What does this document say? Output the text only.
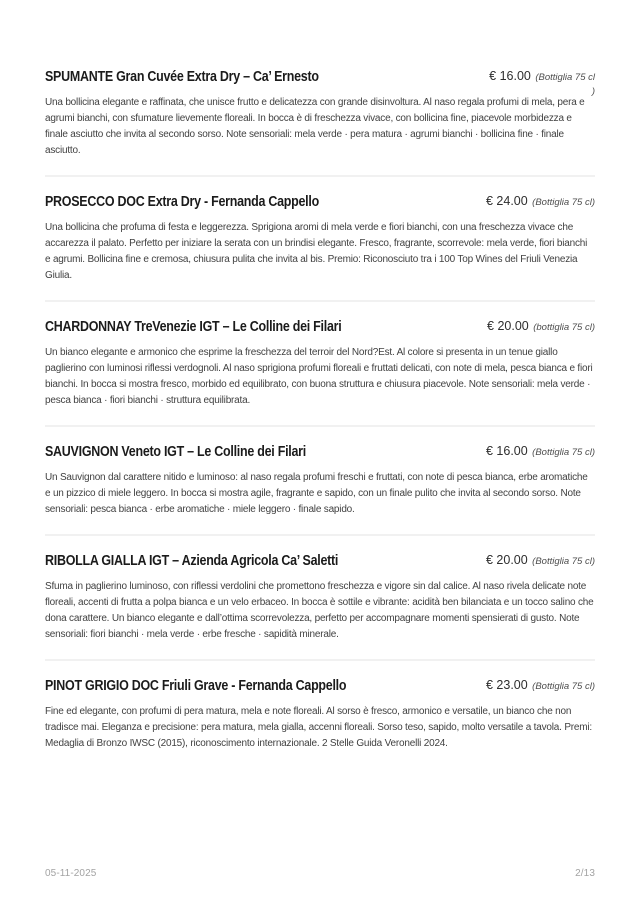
SPUMANTE Gran Cuvée Extra Dry – Ca’ Ernesto	€ 16.00 (Bottiglia 75 cl
)

Una bollicina elegante e raffinata, che unisce frutto e delicatezza con grande disinvoltura. Al naso regala profumi di mela, pera e agrumi bianchi, con sfumature lievemente floreali. In bocca è di freschezza vivace, con bollicina fine, piacevole morbidezza e finale asciutto che invita al secondo sorso. Note sensoriali: mela verde · pera matura · agrumi bianchi · bollicina fine · finale asciutto.

PROSECCO DOC Extra Dry - Fernanda Cappello	€ 24.00 (Bottiglia 75 cl)

Una bollicina che profuma di festa e leggerezza. Sprigiona aromi di mela verde e fiori bianchi, con una freschezza vivace che accarezza il palato. Perfetto per iniziare la serata con un brindisi elegante. Fresco, fragrante, scorrevole: mela verde, fiori bianchi e agrumi. Bollicina fine e cremosa, chiusura pulita che invita al bis. Premio: Riconosciuto tra i 100 Top Wines del Friuli Venezia Giulia.

CHARDONNAY TreVenezie IGT – Le Colline dei Filari	€ 20.00 (bottiglia 75 cl)

Un bianco elegante e armonico che esprime la freschezza del terroir del Nord?Est. Al colore si presenta in un tenue giallo paglierino con luminosi riflessi verdognoli. Al naso sprigiona profumi floreali e fruttati delicati, con note di mela, pesca bianca e fiori bianchi. In bocca si mostra fresco, morbido ed equilibrato, con buona struttura e chiusura piacevole. Note sensoriali: mela verde · pesca bianca · fiori bianchi · struttura equilibrata.

SAUVIGNON Veneto IGT – Le Colline dei Filari	€ 16.00 (Bottiglia 75 cl)

Un Sauvignon dal carattere nitido e luminoso: al naso regala profumi freschi e fruttati, con note di pesca bianca, erbe aromatiche e un pizzico di miele leggero. In bocca si mostra agile, fragrante e sapido, con un finale pulito che invita al secondo sorso. Note sensoriali: pesca bianca · erbe aromatiche · miele leggero · finale sapido.

RIBOLLA GIALLA IGT – Azienda Agricola Ca’ Saletti	€ 20.00 (Bottiglia 75 cl)

Sfuma in paglierino luminoso, con riflessi verdolini che promettono freschezza e vigore sin dal calice. Al naso rivela delicate note floreali, accenti di frutta a polpa bianca e un velo erbaceo. In bocca è sottile e vibrante: acidità ben bilanciata e un tocco salino che dona carattere. Un bianco elegante e dall’ottima scorrevolezza, perfetto per accompagnare momenti spensierati di gusto. Note sensoriali: fiori bianchi · mela verde · erbe fresche · sapidità minerale.

PINOT GRIGIO DOC Friuli Grave - Fernanda Cappello	€ 23.00 (Bottiglia 75 cl)

Fine ed elegante, con profumi di pera matura, mela e note floreali. Al sorso è fresco, armonico e versatile, un bianco che non tradisce mai. Eleganza e precisione: pera matura, mela gialla, accenni floreali. Sorso teso, sapido, molto versatile a tavola. Premi: Medaglia di Bronzo IWSC (2015), riconoscimento internazionale. 2 Stelle Guida Veronelli 2024.

05-11-2025	2/13
